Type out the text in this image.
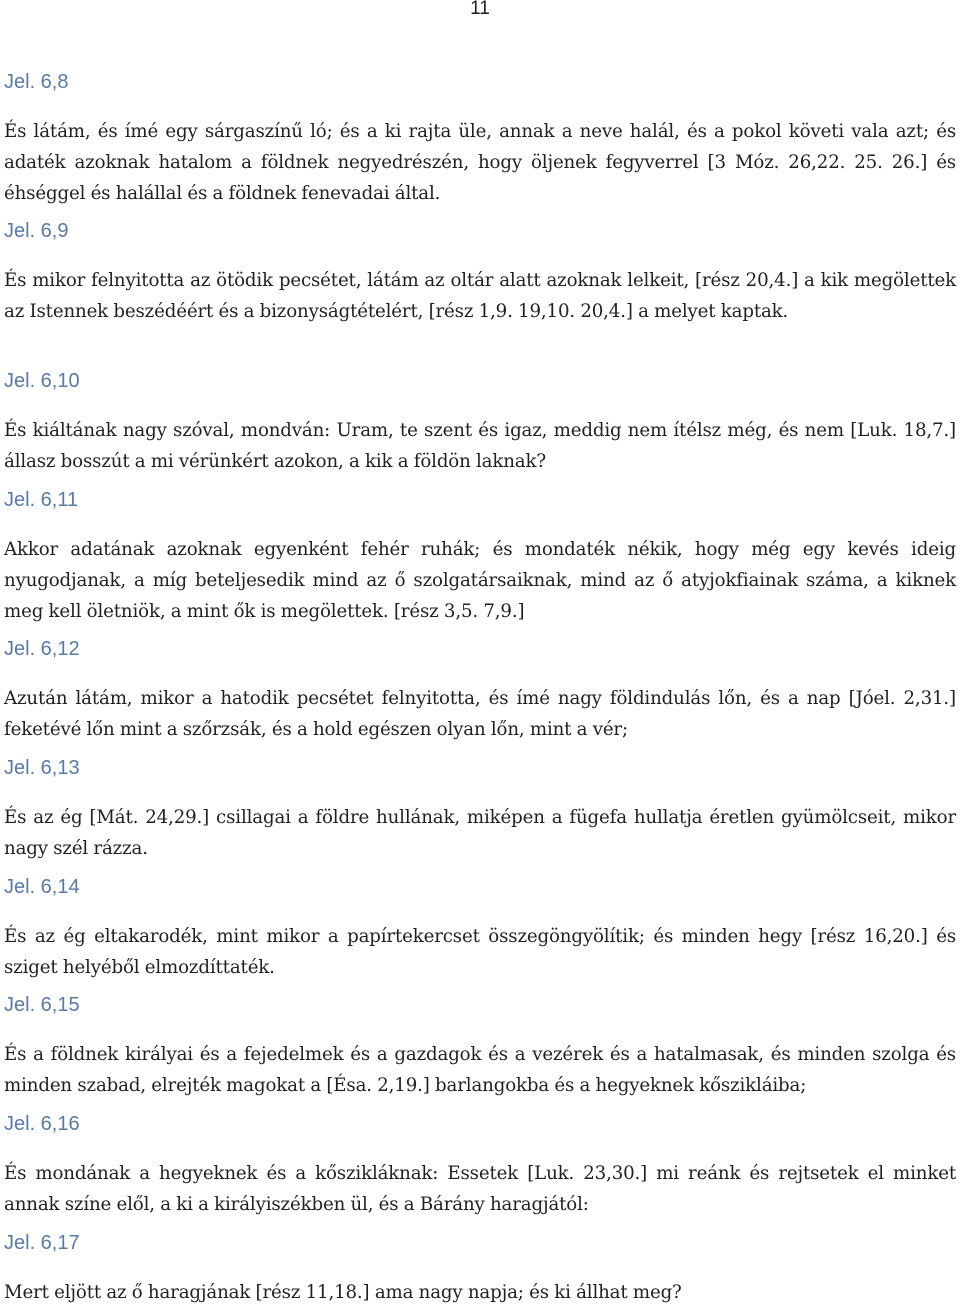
11

Jel. 6,8

És látám, és ímé egy sárgaszínű ló; és a ki rajta üle, annak a neve halál, és a pokol követi vala azt; és adaték azoknak hatalom a földnek negyedrészén, hogy öljenek fegyverrel [3 Móz. 26,22. 25. 26.] és éhséggel és halállal és a földnek fenevadai által.

Jel. 6,9

És mikor felnyitotta az ötödik pecsétet, látám az oltár alatt azoknak lelkeit, [rész 20,4.] a kik megölettek az Istennek beszédéért és a bizonyságtételért, [rész 1,9. 19,10. 20,4.] a melyet kaptak.

Jel. 6,10

És kiáltának nagy szóval, mondván: Uram, te szent és igaz, meddig nem ítélsz még, és nem [Luk. 18,7.] állasz bosszút a mi vérünkért azokon, a kik a földön laknak?

Jel. 6,11

Akkor adatának azoknak egyenként fehér ruhák; és mondaték nékik, hogy még egy kevés ideig nyugodjanak, a míg beteljesedik mind az ő szolgatársaiknak, mind az ő atyjokfiainak száma, a kiknek meg kell öletniök, a mint ők is megölettek. [rész 3,5. 7,9.]

Jel. 6,12

Azután látám, mikor a hatodik pecsétet felnyitotta, és ímé nagy földindulás lőn, és a nap [Jóel. 2,31.] feketévé lőn mint a szőrzsák, és a hold egészen olyan lőn, mint a vér;

Jel. 6,13

És az ég [Mát. 24,29.] csillagai a földre hullának, miképen a fügefa hullatja éretlen gyümölcseit, mikor nagy szél rázza.

Jel. 6,14

És az ég eltakarodék, mint mikor a papírtekercset összegöngyölítik; és minden hegy [rész 16,20.] és sziget helyéből elmozdíttaték.

Jel. 6,15

És a földnek királyai és a fejedelmek és a gazdagok és a vezérek és a hatalmasak, és minden szolga és minden szabad, elrejték magokat a [Ésa. 2,19.] barlangokba és a hegyeknek kőszikláiba;

Jel. 6,16

És mondának a hegyeknek és a kőszikláknak: Essetek [Luk. 23,30.] mi reánk és rejtsetek el minket annak színe elől, a ki a királyiszékben ül, és a Bárány haragjától:

Jel. 6,17

Mert eljött az ő haragjának [rész 11,18.] ama nagy napja; és ki állhat meg?
